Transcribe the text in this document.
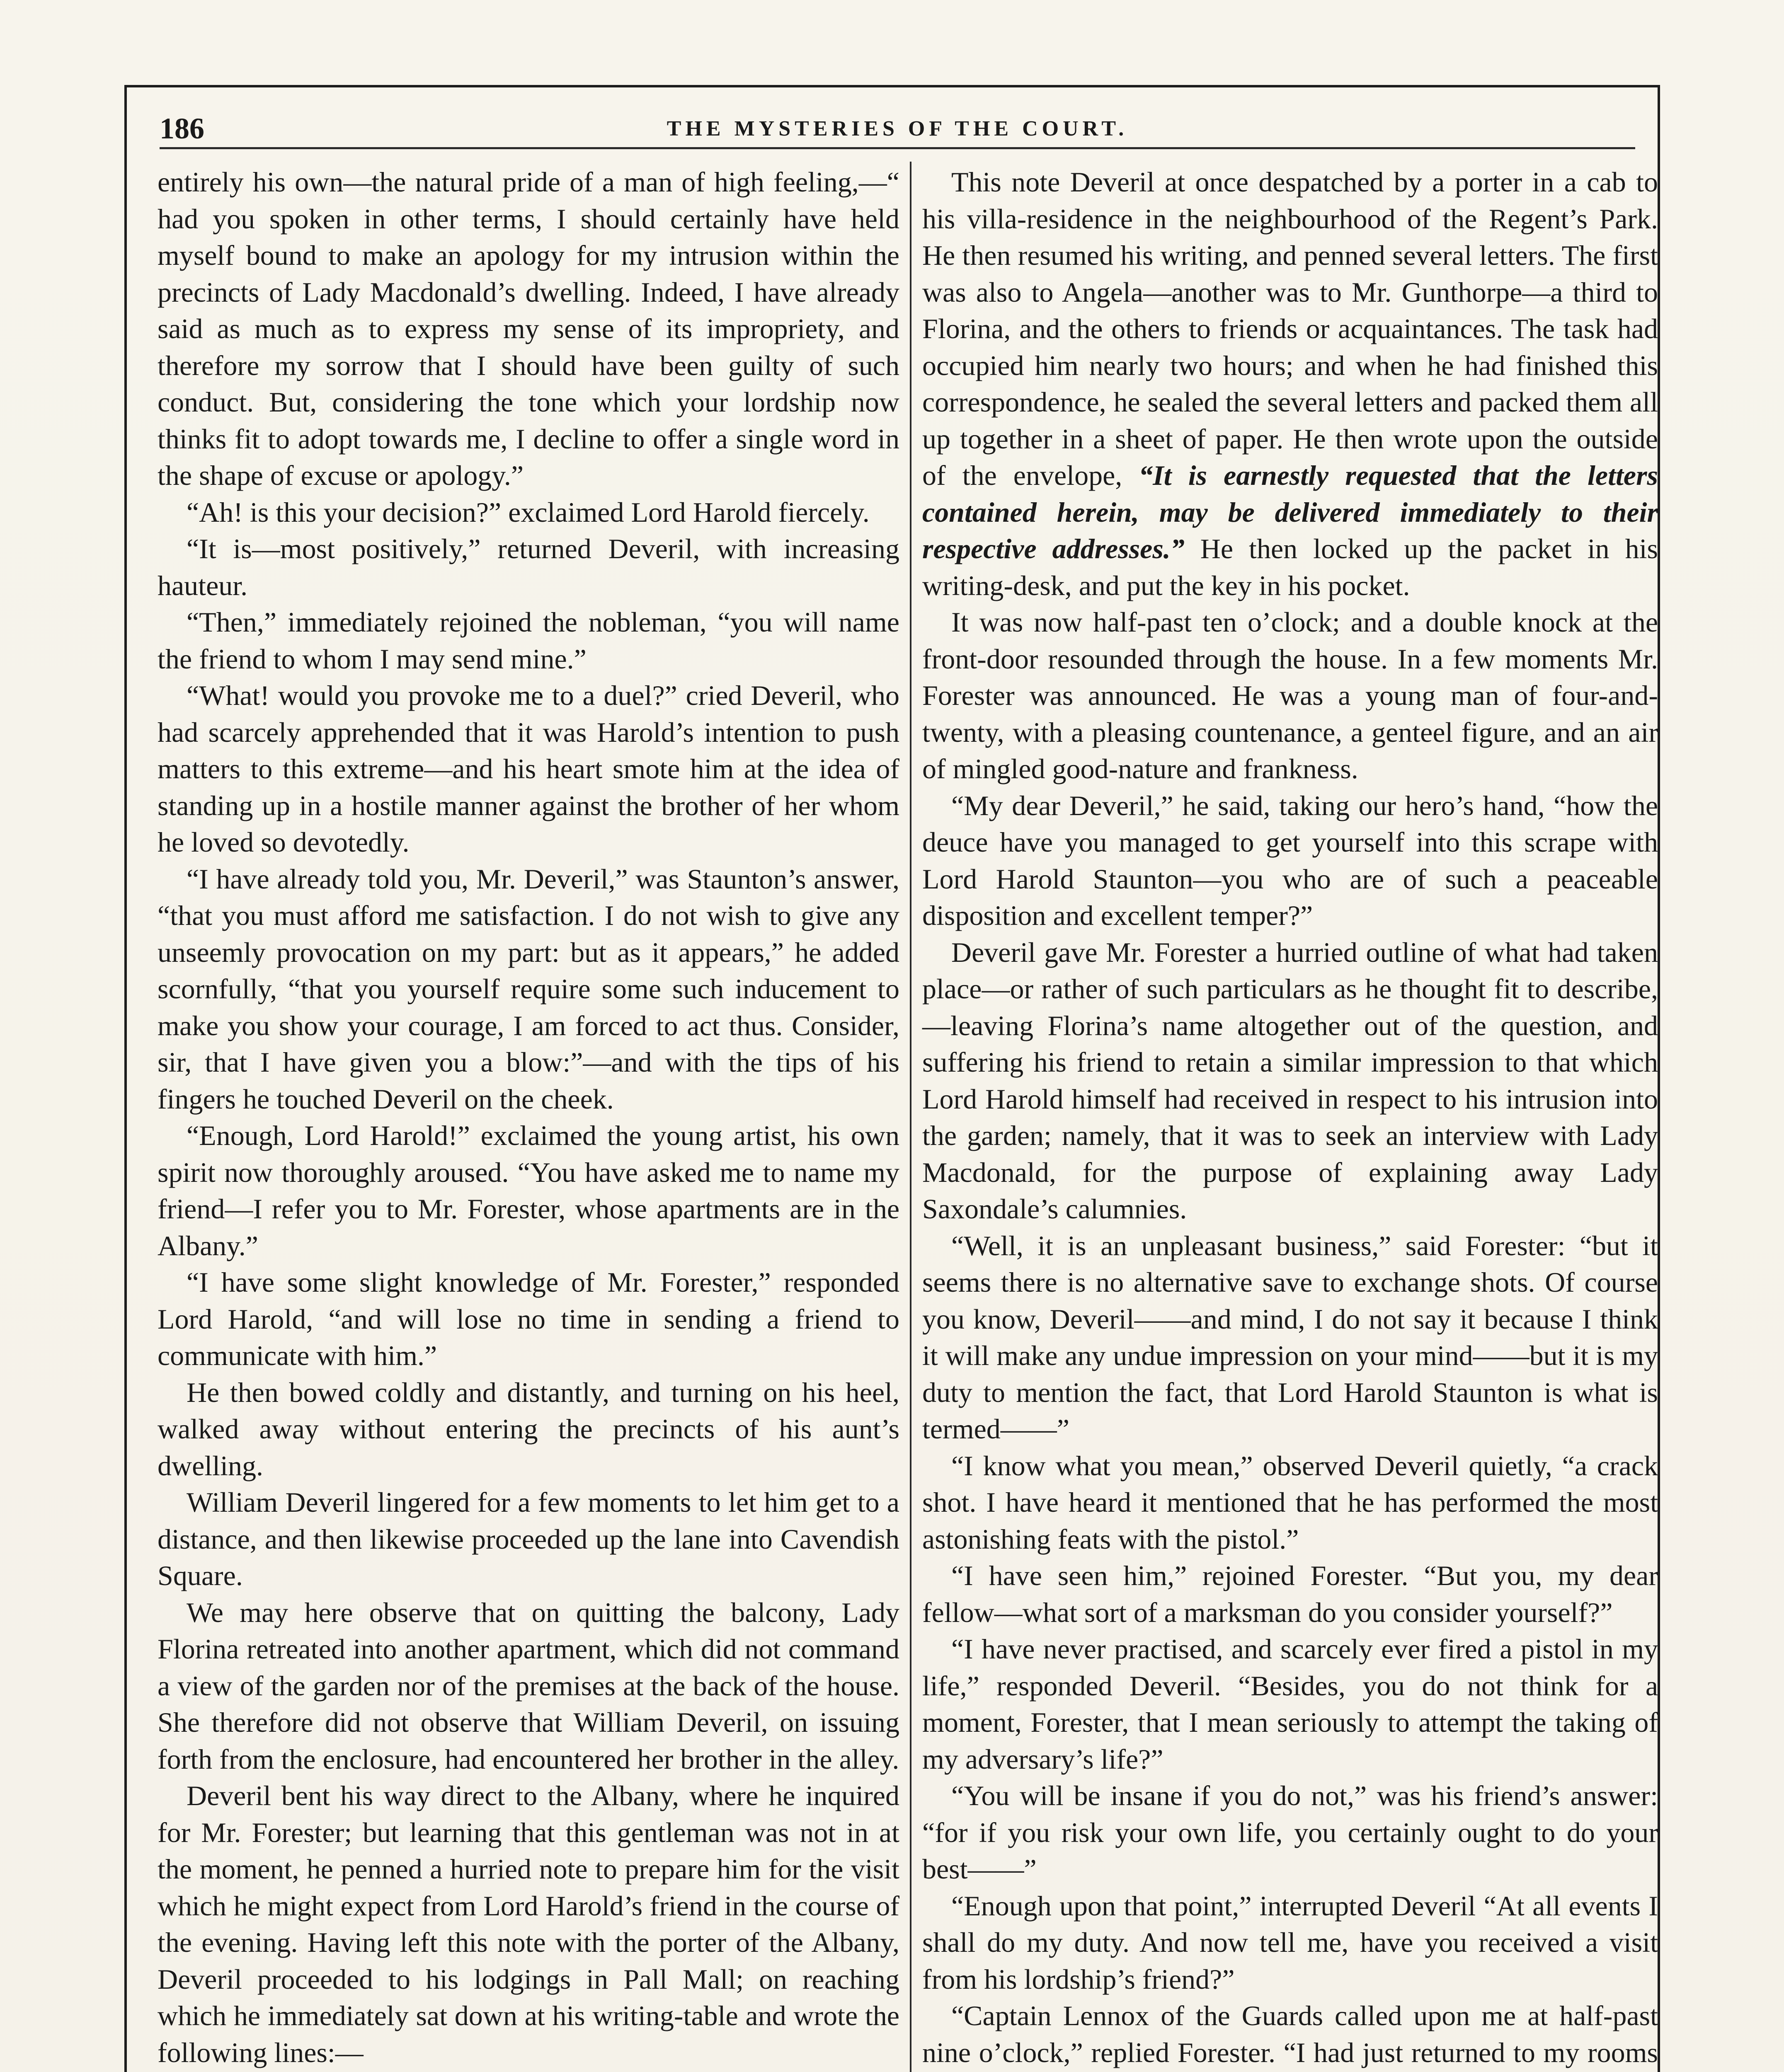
186	THE MYSTERIES OF THE COURT.

entirely his own—the natural pride of a man of high feeling,—“ had you spoken in other terms, I should certainly have held myself bound to make an apology for my intrusion within the precincts of Lady Macdonald’s dwelling. Indeed, I have already said as much as to express my sense of its impropriety, and therefore my sorrow that I should have been guilty of such conduct. But, considering the tone which your lordship now thinks fit to adopt towards me, I decline to offer a single word in the shape of excuse or apology.”

“Ah! is this your decision?” exclaimed Lord Harold fiercely.

“It is—most positively,” returned Deveril, with increasing hauteur.

“Then,” immediately rejoined the nobleman, “you will name the friend to whom I may send mine.”

“What! would you provoke me to a duel?” cried Deveril, who had scarcely apprehended that it was Harold’s intention to push matters to this extreme—and his heart smote him at the idea of standing up in a hostile manner against the brother of her whom he loved so devotedly.

“I have already told you, Mr. Deveril,” was Staunton’s answer, “that you must afford me satisfaction. I do not wish to give any unseemly provocation on my part: but as it appears,” he added scornfully, “that you yourself require some such inducement to make you show your courage, I am forced to act thus. Consider, sir, that I have given you a blow:”—and with the tips of his fingers he touched Deveril on the cheek.

“Enough, Lord Harold!” exclaimed the young artist, his own spirit now thoroughly aroused. “You have asked me to name my friend—I refer you to Mr. Forester, whose apartments are in the Albany.”

“I have some slight knowledge of Mr. Forester,” responded Lord Harold, “and will lose no time in sending a friend to communicate with him.”

He then bowed coldly and distantly, and turning on his heel, walked away without entering the precincts of his aunt’s dwelling.

William Deveril lingered for a few moments to let him get to a distance, and then likewise proceeded up the lane into Cavendish Square.

We may here observe that on quitting the balcony, Lady Florina retreated into another apartment, which did not command a view of the garden nor of the premises at the back of the house. She therefore did not observe that William Deveril, on issuing forth from the enclosure, had encountered her brother in the alley.

Deveril bent his way direct to the Albany, where he inquired for Mr. Forester; but learning that this gentleman was not in at the moment, he penned a hurried note to prepare him for the visit which he might expect from Lord Harold’s friend in the course of the evening. Having left this note with the porter of the Albany, Deveril proceeded to his lodgings in Pall Mall; on reaching which he immediately sat down at his writing-table and wrote the following lines:—

This note Deveril at once despatched by a porter in a cab to his villa-residence in the neighbourhood of the Regent’s Park. He then resumed his writing, and penned several letters. The first was also to Angela—another was to Mr. Gunthorpe—a third to Florina, and the others to friends or acquaintances. The task had occupied him nearly two hours; and when he had finished this correspondence, he sealed the several letters and packed them all up together in a sheet of paper. He then wrote upon the outside of the envelope, “It is earnestly requested that the letters contained herein, may be delivered immediately to their respective addresses.” He then locked up the packet in his writing-desk, and put the key in his pocket.

It was now half-past ten o’clock; and a double knock at the front-door resounded through the house. In a few moments Mr. Forester was announced. He was a young man of four-and-twenty, with a pleasing countenance, a genteel figure, and an air of mingled good-nature and frankness.

“My dear Deveril,” he said, taking our hero’s hand, “how the deuce have you managed to get yourself into this scrape with Lord Harold Staunton—you who are of such a peaceable disposition and excellent temper?”

Deveril gave Mr. Forester a hurried outline of what had taken place—or rather of such particulars as he thought fit to describe,—leaving Florina’s name altogether out of the question, and suffering his friend to retain a similar impression to that which Lord Harold himself had received in respect to his intrusion into the garden; namely, that it was to seek an interview with Lady Macdonald, for the purpose of explaining away Lady Saxondale’s calumnies.

“Well, it is an unpleasant business,” said Forester: “but it seems there is no alternative save to exchange shots. Of course you know, Deveril——and mind, I do not say it because I think it will make any undue impression on your mind——but it is my duty to mention the fact, that Lord Harold Staunton is what is termed——”

“I know what you mean,” observed Deveril quietly, “a crack shot. I have heard it mentioned that he has performed the most astonishing feats with the pistol.”

“I have seen him,” rejoined Forester. “But you, my dear fellow—what sort of a marksman do you consider yourself?”

“I have never practised, and scarcely ever fired a pistol in my life,” responded Deveril. “Besides, you do not think for a moment, Forester, that I mean seriously to attempt the taking of my adversary’s life?”

“You will be insane if you do not,” was his friend’s answer: “for if you risk your own life, you certainly ought to do your best——”

“Enough upon that point,” interrupted Deveril “At all events I shall do my duty. And now tell me, have you received a visit from his lordship’s friend?”

“Captain Lennox of the Guards called upon me at half-past nine o’clock,” replied Forester. “I had just returned to my rooms
